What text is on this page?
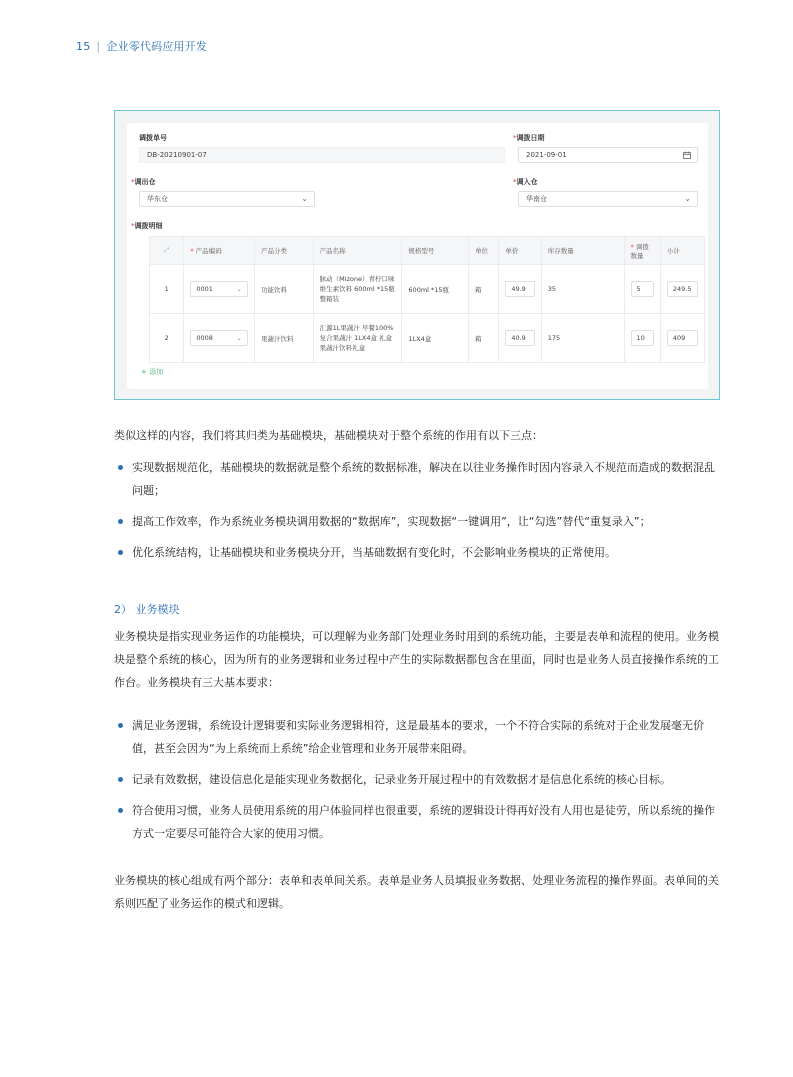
15 | 企业零代码应用开发
调拨单号
DB-20210901-07
*调拨日期
2021-09-01
*调出仓
华东仓	⌄
*调入仓
华南仓	⌄
*调拨明细
⤢	* 产品编码	产品分类	产品名称	规格型号	单位	单价	库存数量	* 调拨数量	小计
1	0001 ⌄	功能饮料	脉动（Mizone）青柠口味 维生素饮料 600ml *15瓶 整箱装	600ml *15瓶	箱	49.9	35	5	249.5
2	0008 ⌄	果蔬汁饮料	汇源1L果蔬汁 早餐100%复合果蔬汁 1LX4盒 礼盒 果蔬汁饮料礼盒	1LX4盒	箱	40.9	175	10	409
+ 添加

类似这样的内容，我们将其归类为基础模块，基础模块对于整个系统的作用有以下三点：

实现数据规范化，基础模块的数据就是整个系统的数据标准，解决在以往业务操作时因内容录入不规范而造成的数据混乱问题；
提高工作效率，作为系统业务模块调用数据的“数据库”，实现数据“一键调用”，让“勾选”替代“重复录入”；
优化系统结构，让基础模块和业务模块分开，当基础数据有变化时，不会影响业务模块的正常使用。
2） 业务模块

业务模块是指实现业务运作的功能模块，可以理解为业务部门处理业务时用到的系统功能，主要是表单和流程的使用。业务模块是整个系统的核心，因为所有的业务逻辑和业务过程中产生的实际数据都包含在里面，同时也是业务人员直接操作系统的工作台。业务模块有三大基本要求：

满足业务逻辑，系统设计逻辑要和实际业务逻辑相符，这是最基本的要求，一个不符合实际的系统对于企业发展毫无价值，甚至会因为“为上系统而上系统”给企业管理和业务开展带来阻碍。
记录有效数据，建设信息化是能实现业务数据化，记录业务开展过程中的有效数据才是信息化系统的核心目标。
符合使用习惯，业务人员使用系统的用户体验同样也很重要，系统的逻辑设计得再好没有人用也是徒劳，所以系统的操作方式一定要尽可能符合大家的使用习惯。

业务模块的核心组成有两个部分：表单和表单间关系。表单是业务人员填报业务数据、处理业务流程的操作界面。表单间的关系则匹配了业务运作的模式和逻辑。
